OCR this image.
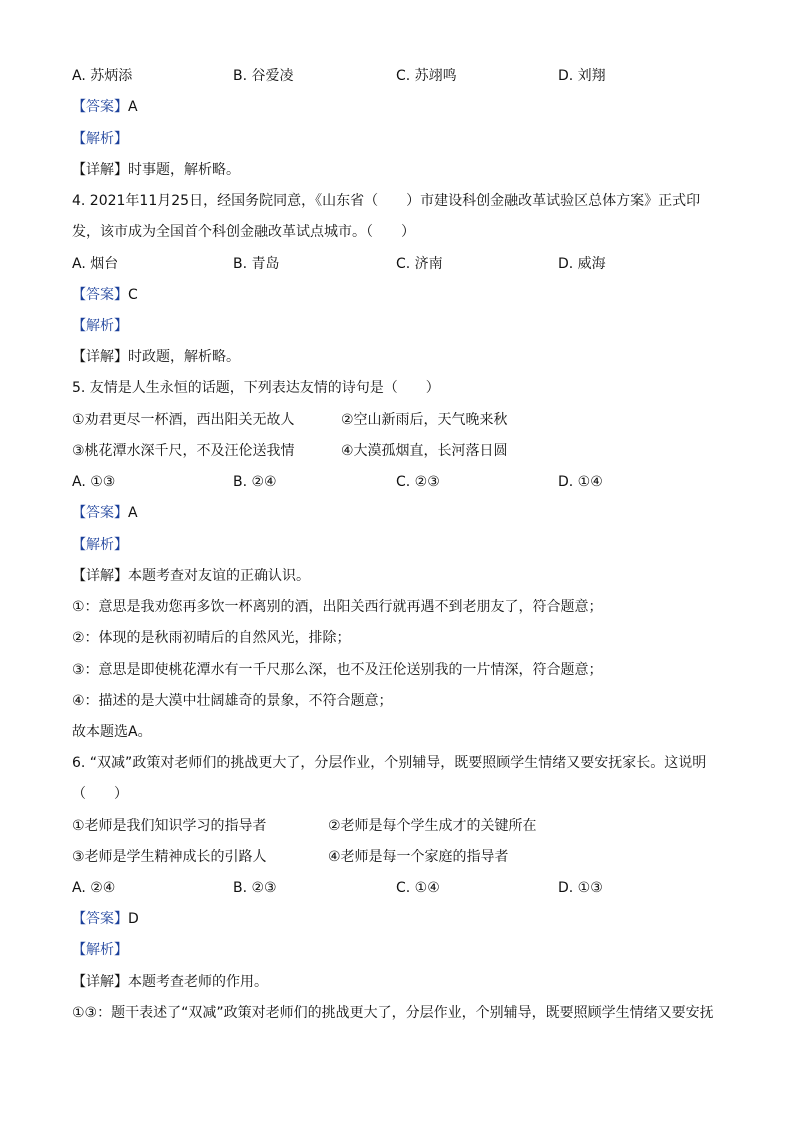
A. 苏炳添	B. 谷爱凌	C. 苏翊鸣	D. 刘翔
【答案】A
【解析】
【详解】时事题，解析略。
4. 2021年11月25日，经国务院同意，《山东省（　　）市建设科创金融改革试验区总体方案》正式印
发，该市成为全国首个科创金融改革试点城市。（　　）
A. 烟台	B. 青岛	C. 济南	D. 威海
【答案】C
【解析】
【详解】时政题，解析略。
5. 友情是人生永恒的话题，下列表达友情的诗句是（　　）
①劝君更尽一杯酒，西出阳关无故人	②空山新雨后，天气晚来秋
③桃花潭水深千尺，不及汪伦送我情	④大漠孤烟直，长河落日圆
A. ①③	B. ②④	C. ②③	D. ①④
【答案】A
【解析】
【详解】本题考查对友谊的正确认识。
①：意思是我劝您再多饮一杯离别的酒，出阳关西行就再遇不到老朋友了，符合题意；
②：体现的是秋雨初晴后的自然风光，排除；
③：意思是即使桃花潭水有一千尺那么深，也不及汪伦送别我的一片情深，符合题意；
④：描述的是大漠中壮阔雄奇的景象，不符合题意；
故本题选A。
6. “双减”政策对老师们的挑战更大了，分层作业，个别辅导，既要照顾学生情绪又要安抚家长。这说明
（　　）
①老师是我们知识学习的指导者	②老师是每个学生成才的关键所在
③老师是学生精神成长的引路人	④老师是每一个家庭的指导者
A. ②④	B. ②③	C. ①④	D. ①③
【答案】D
【解析】
【详解】本题考查老师的作用。
①③：题干表述了“双减”政策对老师们的挑战更大了，分层作业，个别辅导，既要照顾学生情绪又要安抚
